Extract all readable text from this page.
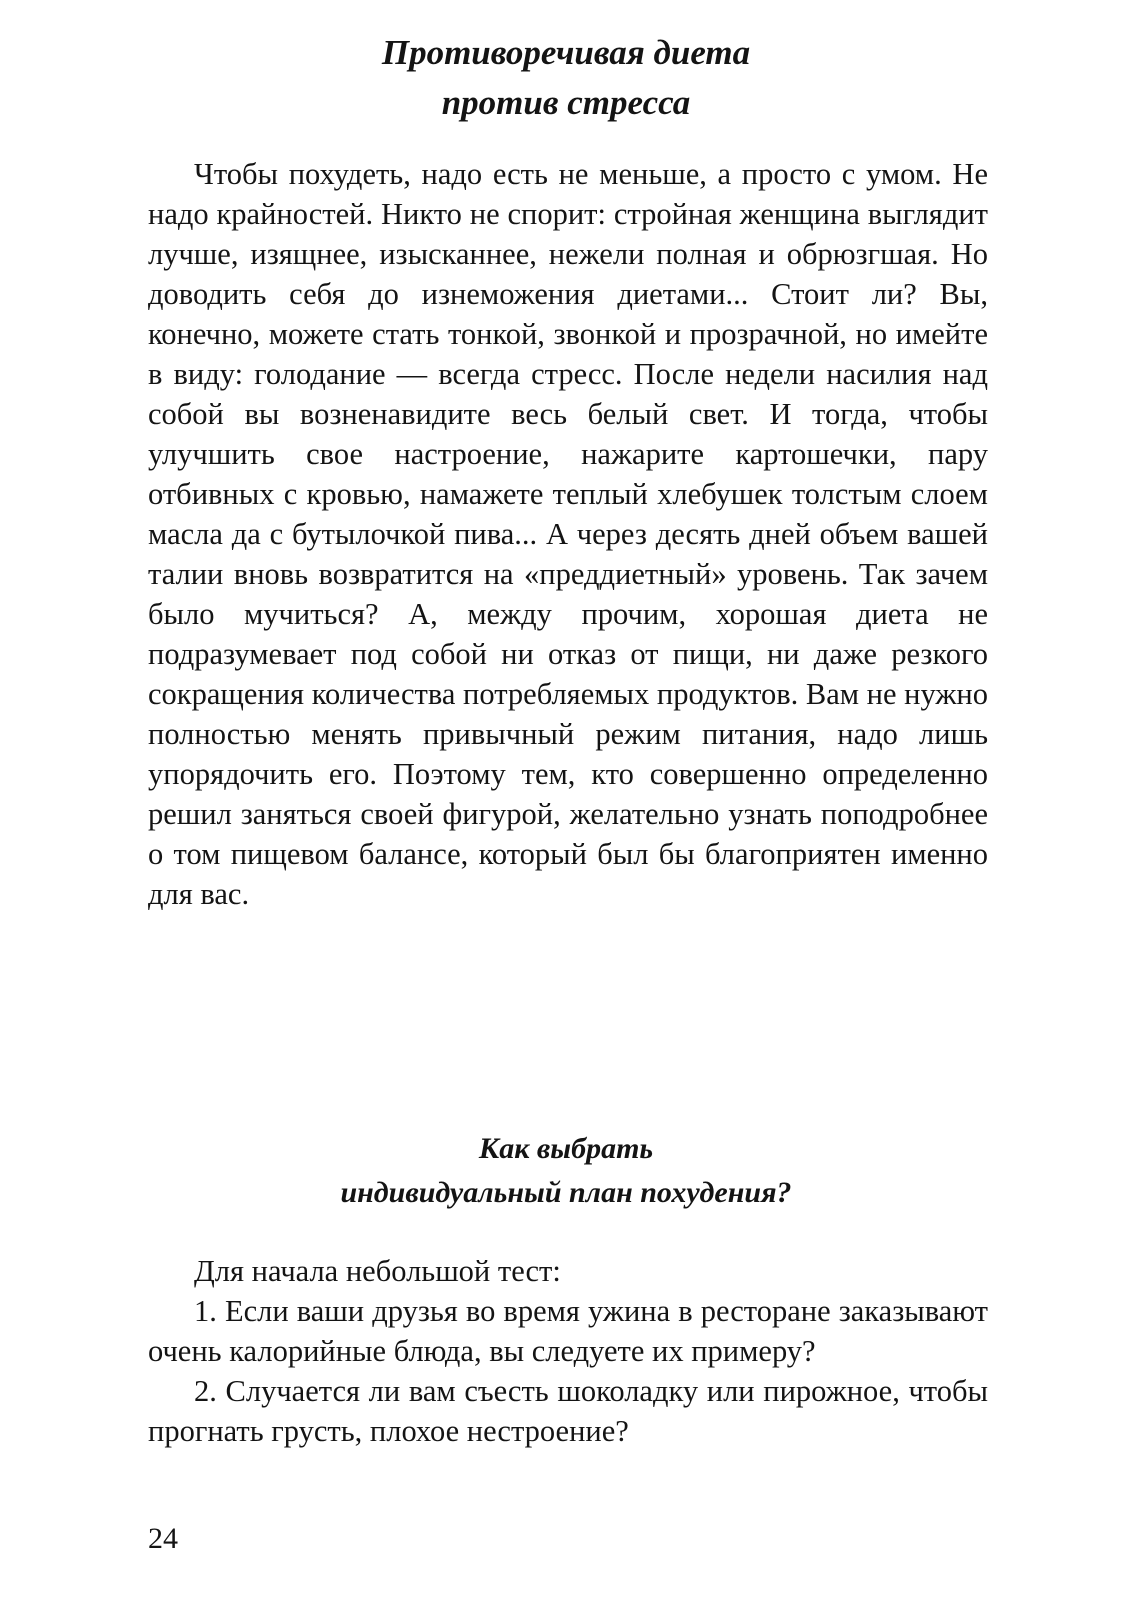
Противоречивая диета
против стресса

Чтобы похудеть, надо есть не меньше, а просто с умом. Не надо крайностей. Никто не спорит: стройная женщина выглядит лучше, изящнее, изысканнее, нежели полная и обрюзгшая. Но доводить себя до изнеможения диетами... Стоит ли? Вы, конечно, можете стать тонкой, звонкой и прозрачной, но имейте в виду: голодание — всегда стресс. После недели насилия над собой вы возненавидите весь белый свет. И тогда, чтобы улучшить свое настроение, нажарите картошечки, пару отбивных с кровью, намажете теплый хлебушек толстым слоем масла да с бутылочкой пива... А через десять дней объем вашей талии вновь возвратится на «преддиетный» уровень. Так зачем было мучиться? А, между прочим, хорошая диета не подразумевает под собой ни отказ от пищи, ни даже резкого сокращения количества потребляемых продуктов. Вам не нужно полностью менять привычный режим питания, надо лишь упорядочить его. Поэтому тем, кто совершенно определенно решил заняться своей фигурой, желательно узнать поподробнее о том пищевом балансе, который был бы благоприятен именно для вас.

Как выбрать
индивидуальный план похудения?

Для начала небольшой тест:

1. Если ваши друзья во время ужина в ресторане заказывают очень калорийные блюда, вы следуете их примеру?

2. Случается ли вам съесть шоколадку или пирожное, чтобы прогнать грусть, плохое нестроение?

24
